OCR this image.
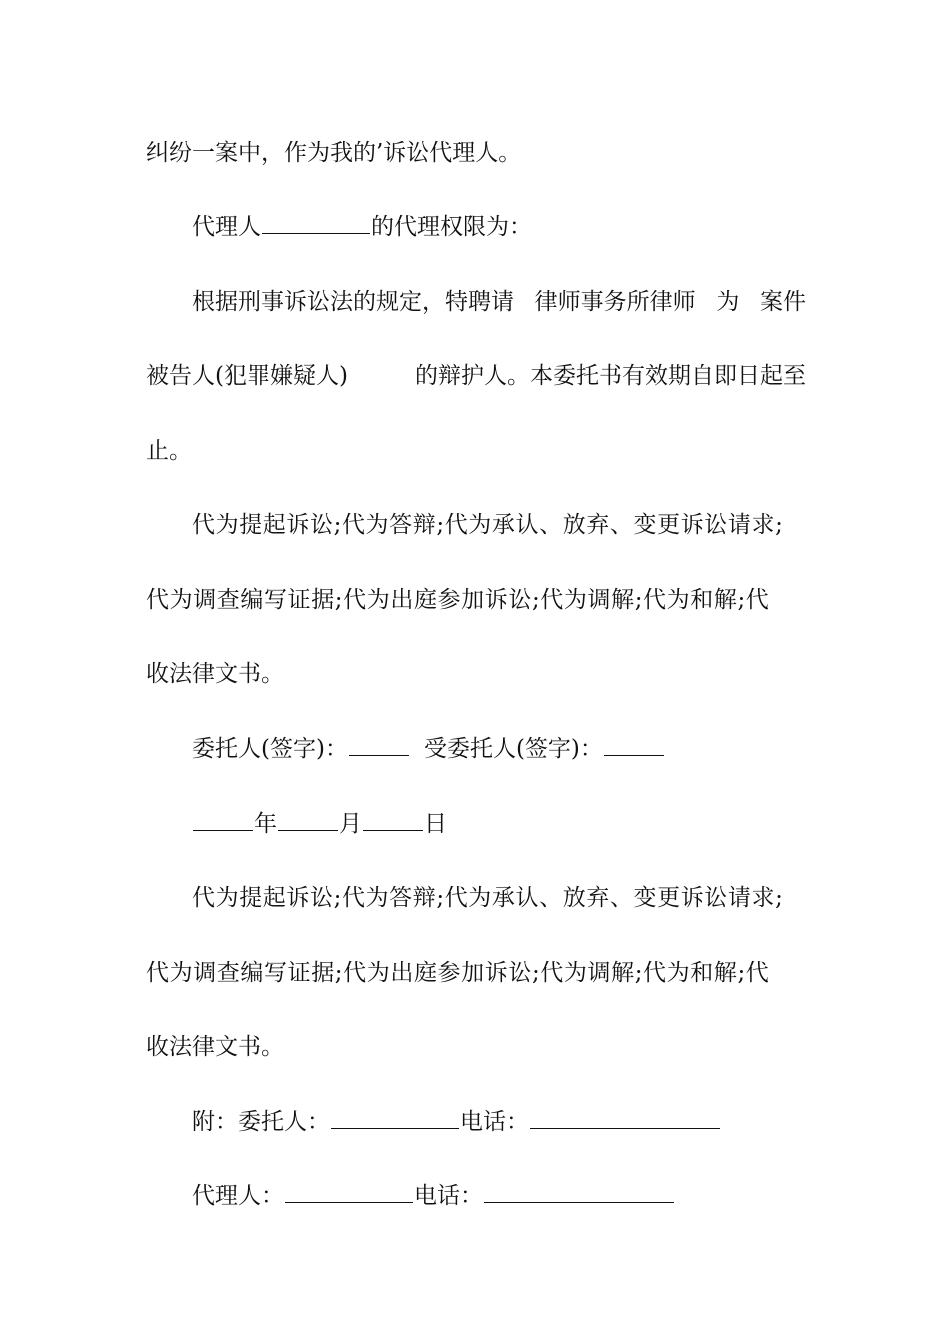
纠纷一案中，作为我的’诉讼代理人。
代理人	的代理权限为：
根据刑事诉讼法的规定，特聘请 律师事务所律师 为 案件
被告人(犯罪嫌疑人)	的辩护人。本委托书有效期自即日起至
止。
代为提起诉讼;代为答辩;代为承认、放弃、变更诉讼请求;
代为调查编写证据;代为出庭参加诉讼;代为调解;代为和解;代
收法律文书。
委托人(签字)：	受委托人(签字)：
年	月	日
代为提起诉讼;代为答辩;代为承认、放弃、变更诉讼请求;
代为调查编写证据;代为出庭参加诉讼;代为调解;代为和解;代
收法律文书。
附：委托人：	电话：
代理人：	电话：
